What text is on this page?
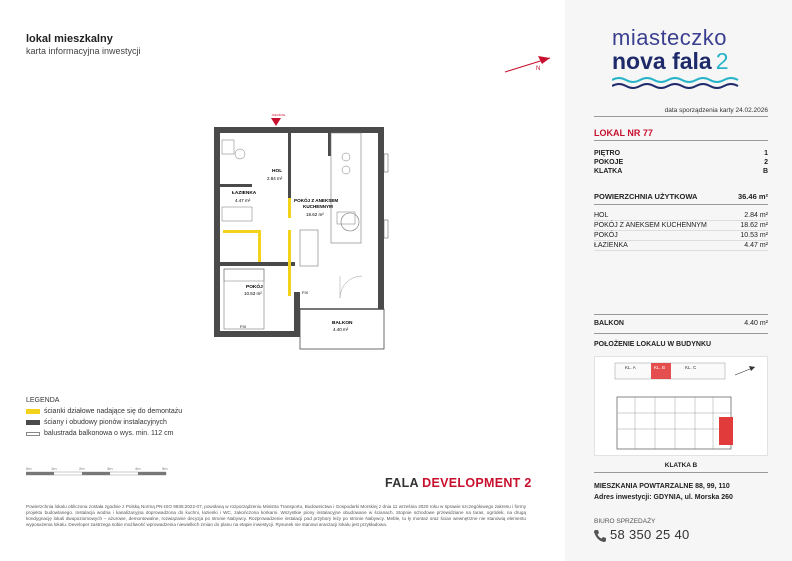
lokal mieszkalny
karta informacyjna inwestycji
N
WEJŚCIE
HOL
2.84 m²
ŁAZIENKA
4.47 m²	POKÓJ Z ANEKSEM
KUCHENNYM
18.62 m²
POKÓJ
10.53 m²
BALKON
4.40 m²
FIX
FIX
LEGENDA
ścianki działowe nadające się do demontażu
ściany i obudowy pionów instalacyjnych
balustrada balkonowa o wys. min. 112 cm
0m	1m	2m	3m	4m	5m
FALA DEVELOPMENT 2
Powierzchnia lokalu obliczona została zgodnie z Polską Normą PN-ISO 9836:2022-07, powołaną w rozporządzeniu Ministra Transportu, Budownictwa i Gospodarki Morskiej z dnia 11 września 2020 roku w sprawie szczegółowego zakresu i formy projektu budowlanego. Instalacja wodna i kanalizacyjna doprowadzona do kuchni, łazienki i WC, zakończona korkami. Wszystkie piony instalacyjne obudowane w ścianach. Stopnie schodowe przewidziane na taras, ogródek, na drugą kondygnację lokali dwupoziomowych – ażurowe, demontowalne, rozwiązanie decyzja po stronie Nabywcy. Rozprowadzenie instalacji pod przybory leży po stronie Nabywcy. Meble, tu ły montaż oraz ścian wewnętrzne nie stanowią elementu wyposażenia lokalu. Developer zastrzega sobie możliwość wprowadzenia niewielkich zmian do planu na etapie inwestycji. Rysunek nie stanowi aranżacji lokalu jest przykładowa.
miasteczko
nova fala 2
data sporządzenia karty 24.02.2026
LOKAL NR 77
PIĘTRO	1
POKOJE	2
KLATKA	B
POWIERZCHNIA UŻYTKOWA	36.46 m²
HOL	2.84 m²
POKÓJ Z ANEKSEM KUCHENNYM	18.62 m²
POKÓJ	10.53 m²
ŁAZIENKA	4.47 m²
BALKON	4.40 m²
POŁOŻENIE LOKALU W BUDYNKU
KL. A	KL. B	KL. C
KLATKA B
MIESZKANIA POWTARZALNE 88, 99, 110
Adres inwestycji: GDYNIA, ul. Morska 260
BIURO SPRZEDAŻY
58 350 25 40
